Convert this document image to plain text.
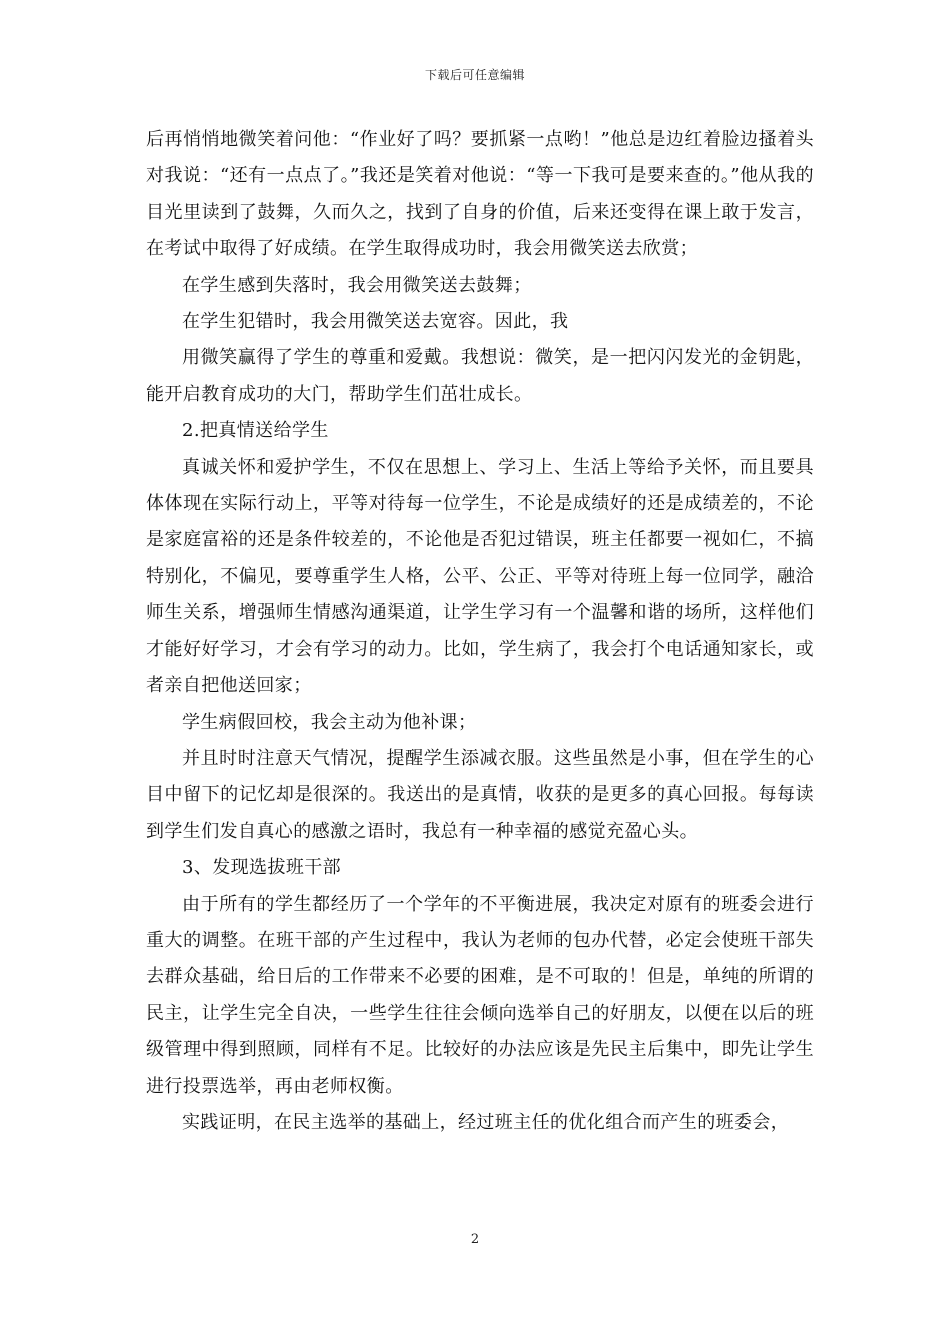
下载后可任意编辑

后再悄悄地微笑着问他：“作业好了吗？要抓紧一点哟！”他总是边红着脸边搔着头对我说：“还有一点点了。”我还是笑着对他说：“等一下我可是要来查的。”他从我的目光里读到了鼓舞，久而久之，找到了自身的价值，后来还变得在课上敢于发言，在考试中取得了好成绩。在学生取得成功时，我会用微笑送去欣赏；

在学生感到失落时，我会用微笑送去鼓舞；

在学生犯错时，我会用微笑送去宽容。因此，我

用微笑赢得了学生的尊重和爱戴。我想说：微笑，是一把闪闪发光的金钥匙，能开启教育成功的大门，帮助学生们茁壮成长。

2.把真情送给学生

真诚关怀和爱护学生，不仅在思想上、学习上、生活上等给予关怀，而且要具体体现在实际行动上，平等对待每一位学生，不论是成绩好的还是成绩差的，不论是家庭富裕的还是条件较差的，不论他是否犯过错误，班主任都要一视如仁，不搞特别化，不偏见，要尊重学生人格，公平、公正、平等对待班上每一位同学，融洽师生关系，增强师生情感沟通渠道，让学生学习有一个温馨和谐的场所，这样他们才能好好学习，才会有学习的动力。比如，学生病了，我会打个电话通知家长，或者亲自把他送回家；

学生病假回校，我会主动为他补课；

并且时时注意天气情况，提醒学生添减衣服。这些虽然是小事，但在学生的心目中留下的记忆却是很深的。我送出的是真情，收获的是更多的真心回报。每每读到学生们发自真心的感激之语时，我总有一种幸福的感觉充盈心头。

3、发现选拔班干部

由于所有的学生都经历了一个学年的不平衡进展，我决定对原有的班委会进行重大的调整。在班干部的产生过程中，我认为老师的包办代替，必定会使班干部失去群众基础，给日后的工作带来不必要的困难，是不可取的！但是，单纯的所谓的民主，让学生完全自决，一些学生往往会倾向选举自己的好朋友，以便在以后的班级管理中得到照顾，同样有不足。比较好的办法应该是先民主后集中，即先让学生进行投票选举，再由老师权衡。

实践证明，在民主选举的基础上，经过班主任的优化组合而产生的班委会，

2
